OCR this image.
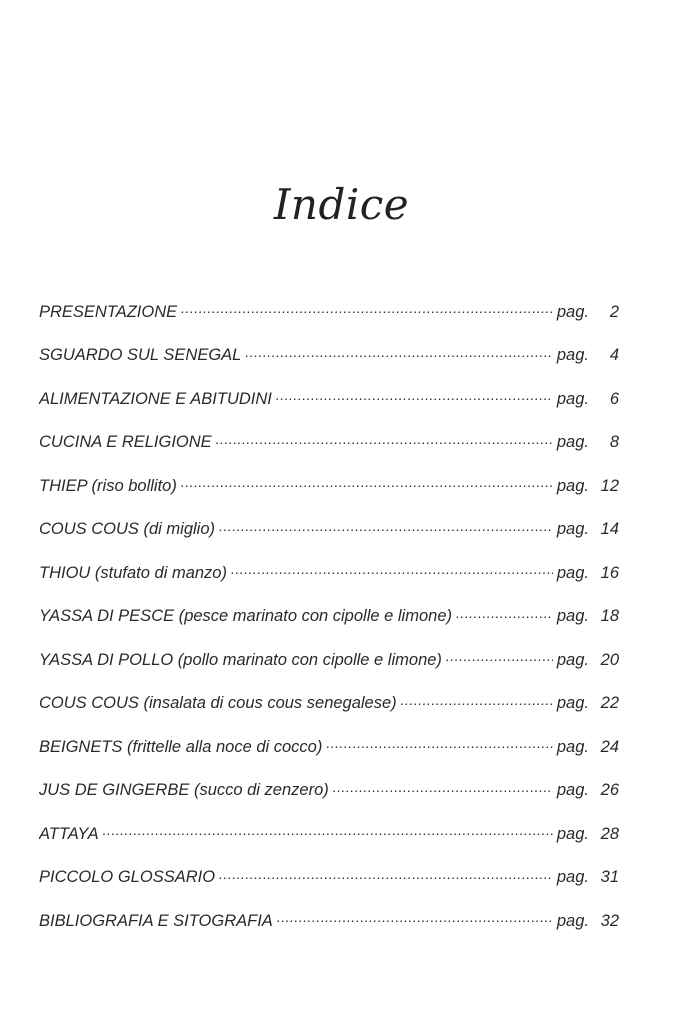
Indice
PRESENTAZIONE .....	pag.	2
SGUARDO SUL SENEGAL .....	pag.	4
ALIMENTAZIONE E ABITUDINI .....	pag.	6
CUCINA E RELIGIONE .....	pag.	8
THIEP (riso bollito) .....	pag. 12
COUS COUS (di miglio) .....	pag. 14
THIOU (stufato di manzo) .....	pag. 16
YASSA DI PESCE (pesce marinato con cipolle e limone) .....	pag. 18
YASSA DI POLLO (pollo marinato con cipolle e limone) .....	pag. 20
COUS COUS (insalata di cous cous senegalese) .....	pag. 22
BEIGNETS (frittelle alla noce di cocco) .....	pag. 24
JUS DE GINGERBE (succo di zenzero) .....	pag. 26
ATTAYA .....	pag. 28
PICCOLO GLOSSARIO .....	pag. 31
BIBLIOGRAFIA E SITOGRAFIA .....	pag. 32
